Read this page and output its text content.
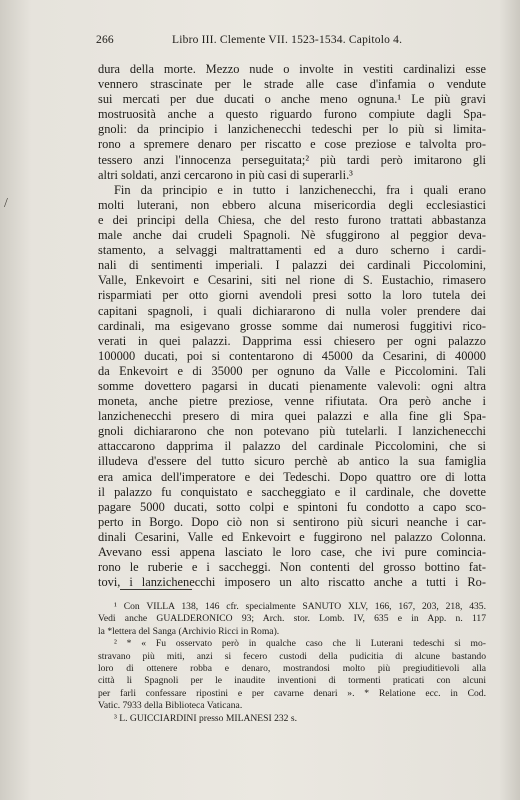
266	Libro III. Clemente VII. 1523-1534. Capitolo 4.
/
dura della morte. Mezzo nude o involte in vestiti cardinalizi esse
vennero strascinate per le strade alle case d'infamia o vendute
sui mercati per due ducati o anche meno ognuna.¹ Le più gravi
mostruosità anche a questo riguardo furono compiute dagli Spa-
gnoli: da principio i lanzichenecchi tedeschi per lo più si limita-
rono a spremere denaro per riscatto e cose preziose e talvolta pro-
tessero anzi l'innocenza perseguitata;² più tardi però imitarono gli
altri soldati, anzi cercarono in più casi di superarli.³
Fin da principio e in tutto i lanzichenecchi, fra i quali erano
molti luterani, non ebbero alcuna misericordia degli ecclesiastici
e dei principi della Chiesa, che del resto furono trattati abbastanza
male anche dai crudeli Spagnoli. Nè sfuggirono al peggior deva-
stamento, a selvaggi maltrattamenti ed a duro scherno i cardi-
nali di sentimenti imperiali. I palazzi dei cardinali Piccolomini,
Valle, Enkevoirt e Cesarini, siti nel rione di S. Eustachio, rimasero
risparmiati per otto giorni avendoli presi sotto la loro tutela dei
capitani spagnoli, i quali dichiararono di nulla voler prendere dai
cardinali, ma esigevano grosse somme dai numerosi fuggitivi rico-
verati in quei palazzi. Dapprima essi chiesero per ogni palazzo
100000 ducati, poi si contentarono di 45000 da Cesarini, di 40000
da Enkevoirt e di 35000 per ognuno da Valle e Piccolomini. Tali
somme dovettero pagarsi in ducati pienamente valevoli: ogni altra
moneta, anche pietre preziose, venne rifiutata. Ora però anche i
lanzichenecchi presero di mira quei palazzi e alla fine gli Spa-
gnoli dichiararono che non potevano più tutelarli. I lanzichenecchi
attaccarono dapprima il palazzo del cardinale Piccolomini, che si
illudeva d'essere del tutto sicuro perchè ab antico la sua famiglia
era amica dell'imperatore e dei Tedeschi. Dopo quattro ore di lotta
il palazzo fu conquistato e saccheggiato e il cardinale, che dovette
pagare 5000 ducati, sotto colpi e spintoni fu condotto a capo sco-
perto in Borgo. Dopo ciò non si sentirono più sicuri neanche i car-
dinali Cesarini, Valle ed Enkevoirt e fuggirono nel palazzo Colonna.
Avevano essi appena lasciato le loro case, che ivi pure comincia-
rono le ruberie e i saccheggi. Non contenti del grosso bottino fat-
tovi, i lanzichenecchi imposero un alto riscatto anche a tutti i Ro-
¹ Con VILLA 138, 146 cfr. specialmente SANUTO XLV, 166, 167, 203, 218, 435.
Vedi anche GUALDERONICO 93; Arch. stor. Lomb. IV, 635 e in App. n. 117
la *lettera del Sanga (Archivio Ricci in Roma).
² * « Fu osservato però in qualche caso che li Luterani tedeschi si mo-
stravano più miti, anzi si fecero custodi della pudicitia di alcune bastando
loro di ottenere robba e denaro, mostrandosi molto più pregiuditievoli alla
città li Spagnoli per le inaudite inventioni di tormenti praticati con alcuni
per farli confessare ripostini e per cavarne denari ». * Relatione ecc. in Cod.
Vatic. 7933 della Biblioteca Vaticana.
³ L. GUICCIARDINI presso MILANESI 232 s.
